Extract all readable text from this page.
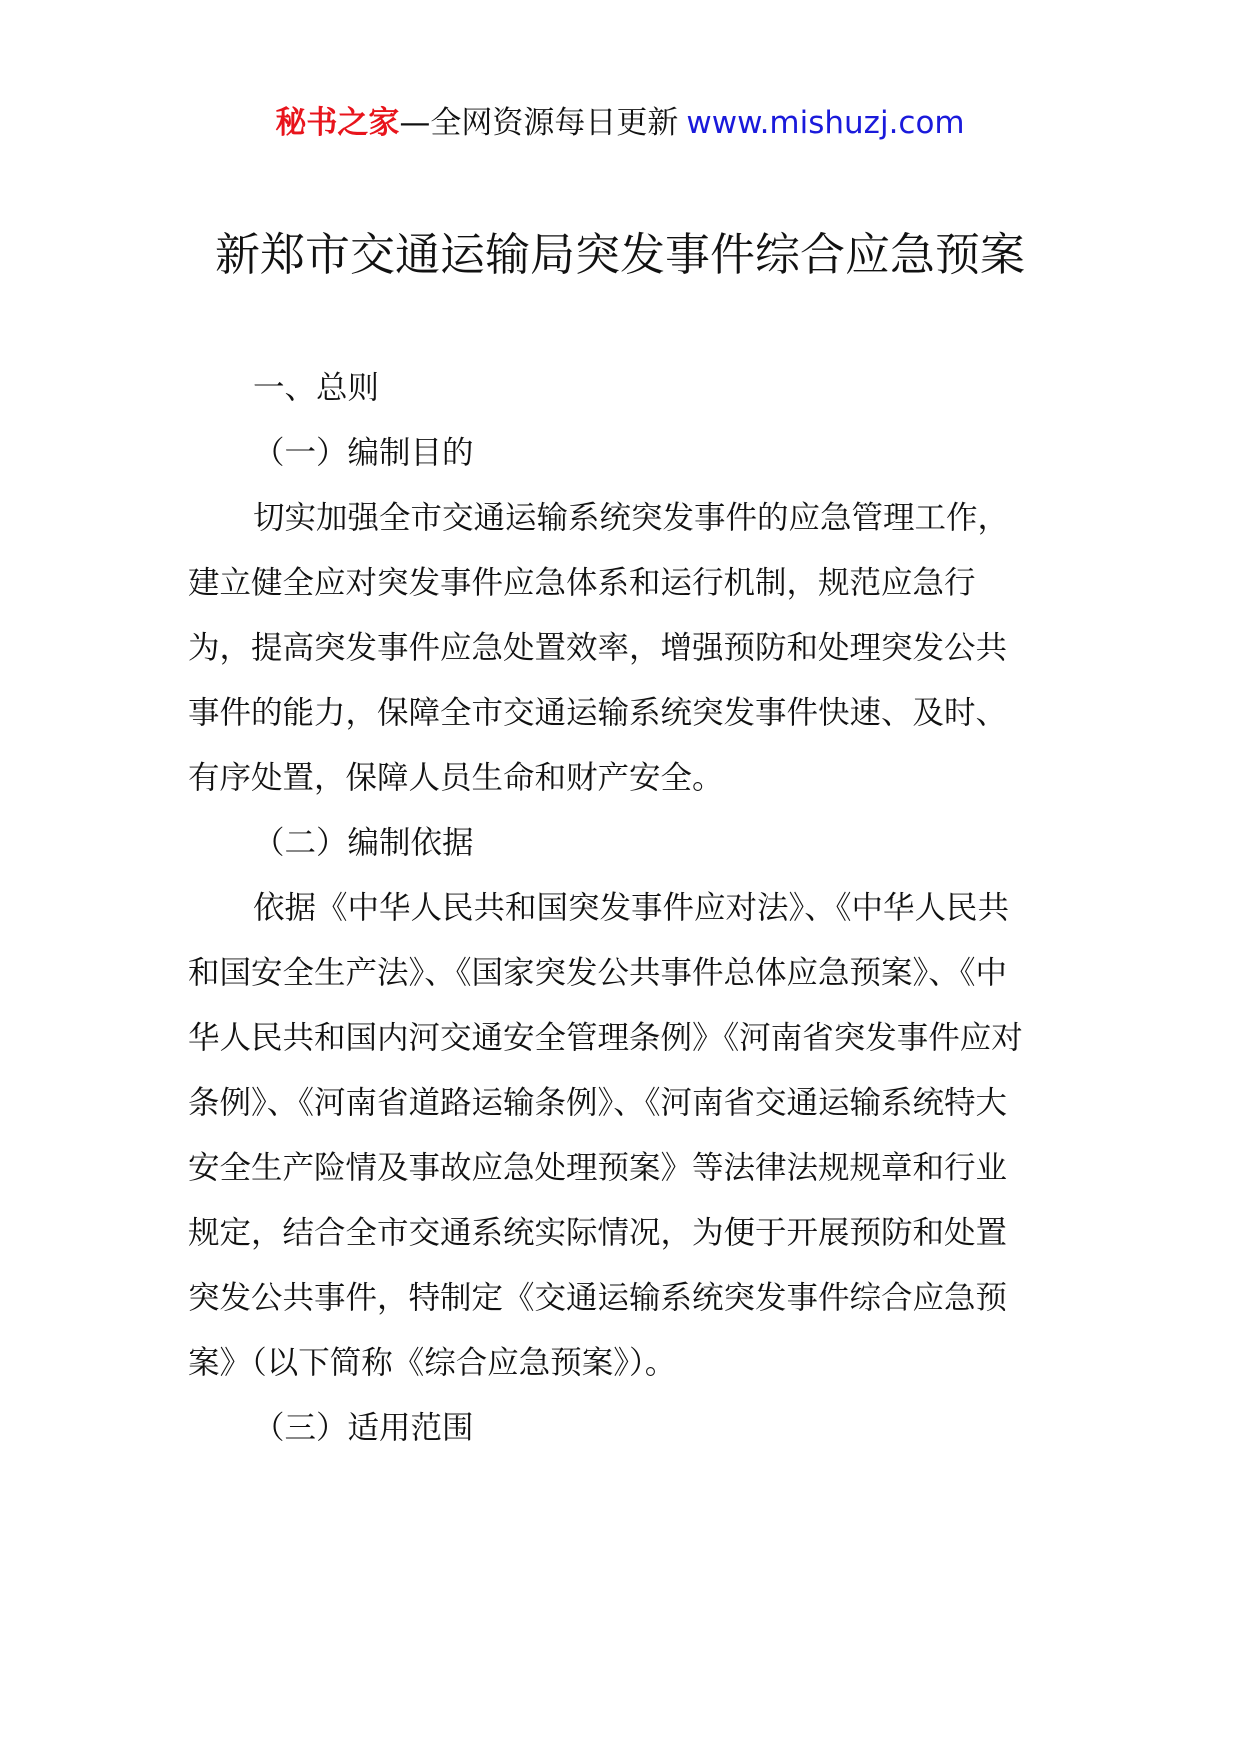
秘书之家—全网资源每日更新 www.mishuzj.com
新郑市交通运输局突发事件综合应急预案

一、总则

（一）编制目的

切实加强全市交通运输系统突发事件的应急管理工作，建立健全应对突发事件应急体系和运行机制，规范应急行为，提高突发事件应急处置效率，增强预防和处理突发公共事件的能力，保障全市交通运输系统突发事件快速、及时、有序处置，保障人员生命和财产安全。

（二）编制依据

依据《中华人民共和国突发事件应对法》、《中华人民共和国安全生产法》、《国家突发公共事件总体应急预案》、《中华人民共和国内河交通安全管理条例》《河南省突发事件应对条例》、《河南省道路运输条例》、《河南省交通运输系统特大安全生产险情及事故应急处理预案》等法律法规规章和行业规定，结合全市交通系统实际情况，为便于开展预防和处置突发公共事件，特制定《交通运输系统突发事件综合应急预案》（以下简称《综合应急预案》）。

（三）适用范围
